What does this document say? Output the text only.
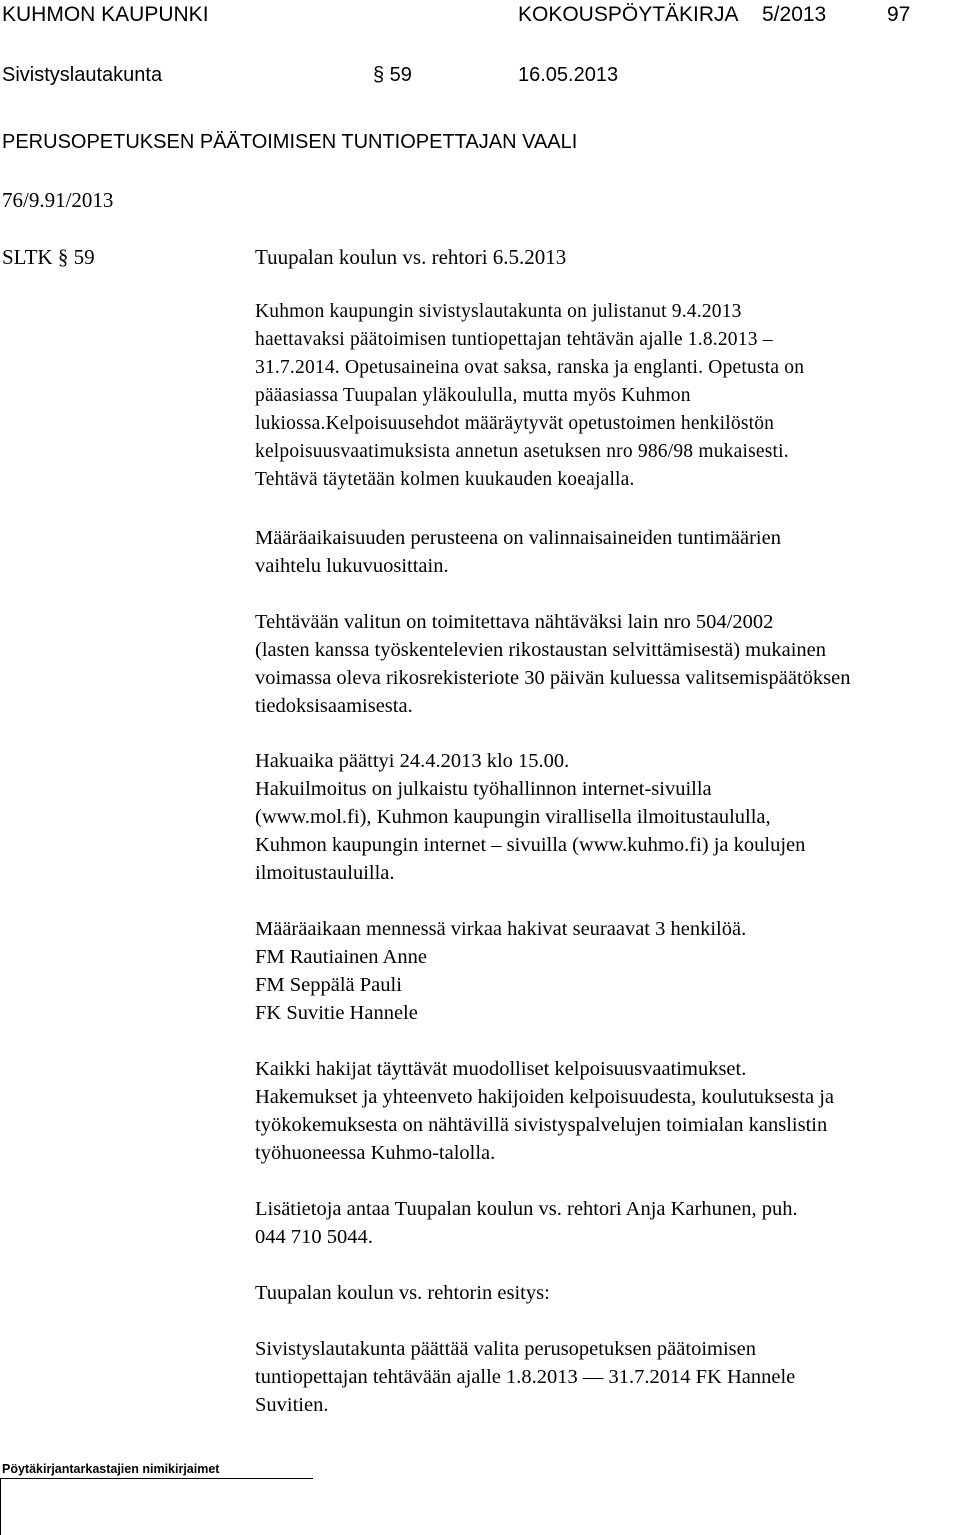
KUHMON KAUPUNKI	KOKOUSPÖYTÄKIRJA 5/2013	97
Sivistyslautakunta	§ 59	16.05.2013
PERUSOPETUKSEN PÄÄTOIMISEN TUNTIOPETTAJAN VAALI
76/9.91/2013
SLTK § 59	Tuupalan koulun vs. rehtori 6.5.2013

Kuhmon kaupungin sivistyslautakunta on julistanut 9.4.2013

haettavaksi päätoimisen tuntiopettajan tehtävän ajalle 1.8.2013 –

31.7.2014. Opetusaineina ovat saksa, ranska ja englanti. Opetusta on

pääasiassa Tuupalan yläkoululla, mutta myös Kuhmon

lukiossa.Kelpoisuusehdot määräytyvät opetustoimen henkilöstön

kelpoisuusvaatimuksista annetun asetuksen nro 986/98 mukaisesti.

Tehtävä täytetään kolmen kuukauden koeajalla.

Määräaikaisuuden perusteena on valinnaisaineiden tuntimäärien

vaihtelu lukuvuosittain.

Tehtävään valitun on toimitettava nähtäväksi lain nro 504/2002

(lasten kanssa työskentelevien rikostaustan selvittämisestä) mukainen

voimassa oleva rikosrekisteriote 30 päivän kuluessa valitsemispäätöksen

tiedoksisaamisesta.

Hakuaika päättyi 24.4.2013 klo 15.00.

Hakuilmoitus on julkaistu työhallinnon internet-sivuilla

(www.mol.fi), Kuhmon kaupungin virallisella ilmoitustaululla,

Kuhmon kaupungin internet – sivuilla (www.kuhmo.fi) ja koulujen

ilmoitustauluilla.

Määräaikaan mennessä virkaa hakivat seuraavat 3 henkilöä.

FM Rautiainen Anne

FM Seppälä Pauli

FK Suvitie Hannele

Kaikki hakijat täyttävät muodolliset kelpoisuusvaatimukset.

Hakemukset ja yhteenveto hakijoiden kelpoisuudesta, koulutuksesta ja

työkokemuksesta on nähtävillä sivistyspalvelujen toimialan kanslistin

työhuoneessa Kuhmo-talolla.

Lisätietoja antaa Tuupalan koulun vs. rehtori Anja Karhunen, puh.

044 710 5044.

Tuupalan koulun vs. rehtorin esitys:

Sivistyslautakunta päättää valita perusopetuksen päätoimisen

tuntiopettajan tehtävään ajalle 1.8.2013 — 31.7.2014 FK Hannele

Suvitien.

Pöytäkirjantarkastajien nimikirjaimet
